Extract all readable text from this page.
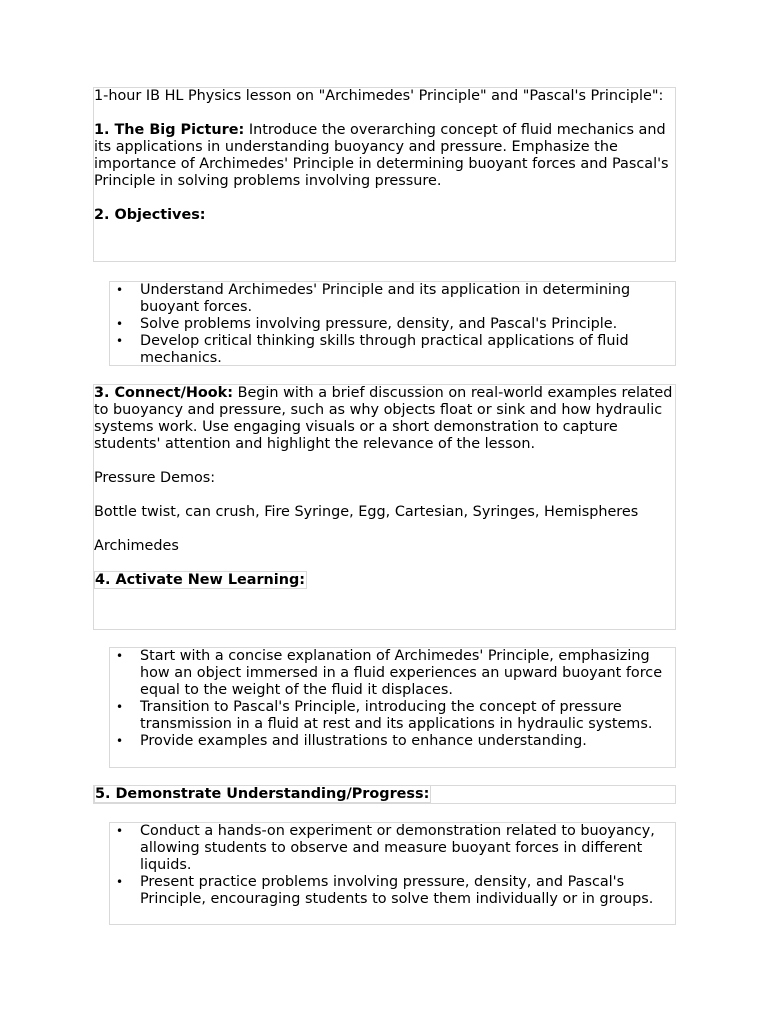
1-hour IB HL Physics lesson on "Archimedes' Principle" and "Pascal's Principle":

1. The Big Picture: Introduce the overarching concept of fluid mechanics and its applications in understanding buoyancy and pressure. Emphasize the importance of Archimedes' Principle in determining buoyant forces and Pascal's Principle in solving problems involving pressure.

2. Objectives:

• Understand Archimedes' Principle and its application in determining buoyant forces.
• Solve problems involving pressure, density, and Pascal's Principle.
• Develop critical thinking skills through practical applications of fluid mechanics.

3. Connect/Hook: Begin with a brief discussion on real-world examples related to buoyancy and pressure, such as why objects float or sink and how hydraulic systems work. Use engaging visuals or a short demonstration to capture students' attention and highlight the relevance of the lesson.

Pressure Demos:

Bottle twist, can crush, Fire Syringe, Egg, Cartesian, Syringes, Hemispheres

Archimedes

4. Activate New Learning:

• Start with a concise explanation of Archimedes' Principle, emphasizing how an object immersed in a fluid experiences an upward buoyant force equal to the weight of the fluid it displaces.
• Transition to Pascal's Principle, introducing the concept of pressure transmission in a fluid at rest and its applications in hydraulic systems.
• Provide examples and illustrations to enhance understanding.

5. Demonstrate Understanding/Progress:

• Conduct a hands-on experiment or demonstration related to buoyancy, allowing students to observe and measure buoyant forces in different liquids.
• Present practice problems involving pressure, density, and Pascal's Principle, encouraging students to solve them individually or in groups.
